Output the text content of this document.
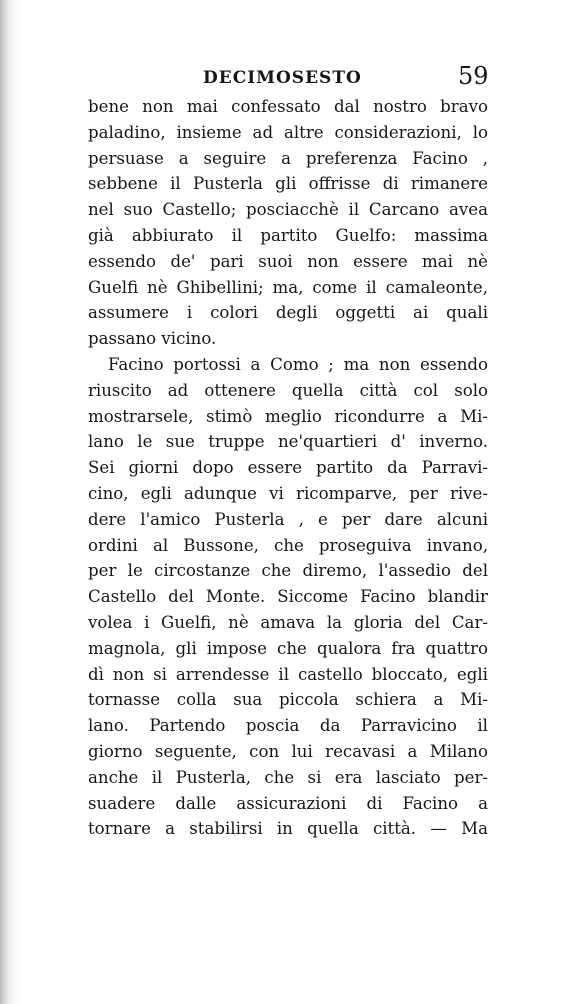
DECIMOSESTO	59
bene non mai confessato dal nostro bravo
paladino, insieme ad altre considerazioni, lo
persuase a seguire a preferenza Facino ,
sebbene il Pusterla gli offrisse di rimanere
nel suo Castello; posciacchè il Carcano avea
già abbiurato il partito Guelfo: massima
essendo de' pari suoi non essere mai nè
Guelfi nè Ghibellini; ma, come il camaleonte,
assumere i colori degli oggetti ai quali
passano vicino.
Facino portossi a Como ; ma non essendo
riuscito ad ottenere quella città col solo
mostrarsele, stimò meglio ricondurre a Mi-
lano le sue truppe ne'quartieri d' inverno.
Sei giorni dopo essere partito da Parravi-
cino, egli adunque vi ricomparve, per rive-
dere l'amico Pusterla , e per dare alcuni
ordini al Bussone, che proseguiva invano,
per le circostanze che diremo, l'assedio del
Castello del Monte. Siccome Facino blandir
volea i Guelfi, nè amava la gloria del Car-
magnola, gli impose che qualora fra quattro
dì non si arrendesse il castello bloccato, egli
tornasse colla sua piccola schiera a Mi-
lano. Partendo poscia da Parravicino il
giorno seguente, con lui recavasi a Milano
anche il Pusterla, che si era lasciato per-
suadere dalle assicurazioni di Facino a
tornare a stabilirsi in quella città. — Ma
